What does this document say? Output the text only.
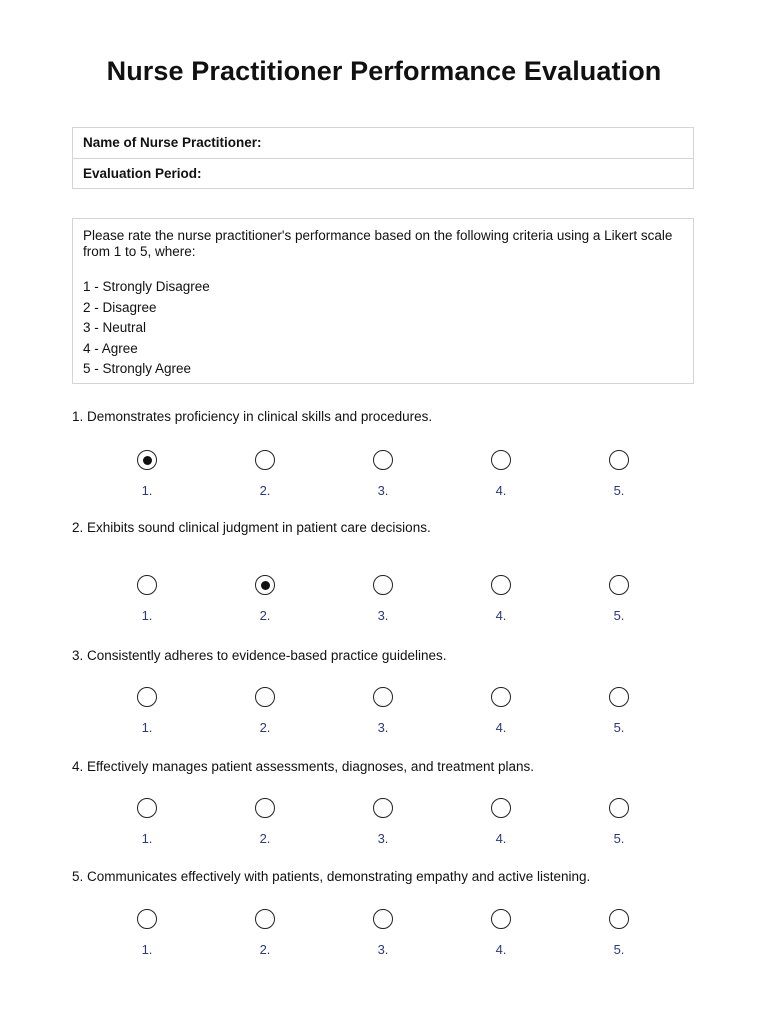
Nurse Practitioner Performance Evaluation
Name of Nurse Practitioner:
Evaluation Period:

Please rate the nurse practitioner's performance based on the following criteria using a Likert scale from 1 to 5, where:

1 - Strongly Disagree
2 - Disagree
3 - Neutral
4 - Agree
5 - Strongly Agree
1. Demonstrates proficiency in clinical skills and procedures.
1.	2.	3.	4.	5.
2. Exhibits sound clinical judgment in patient care decisions.
1.	2.	3.	4.	5.
3. Consistently adheres to evidence-based practice guidelines.
1.	2.	3.	4.	5.
4. Effectively manages patient assessments, diagnoses, and treatment plans.
1.	2.	3.	4.	5.
5. Communicates effectively with patients, demonstrating empathy and active listening.
1.	2.	3.	4.	5.
